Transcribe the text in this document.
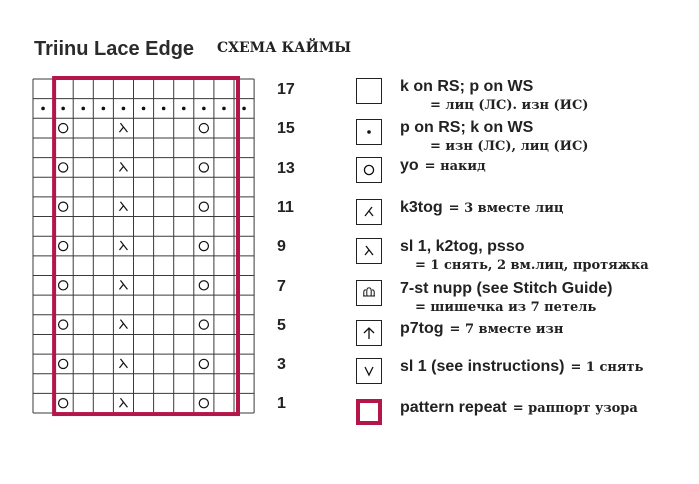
Triinu Lace Edge СХЕМА КАЙМЫ
17
15
13
11
9
7
5
3
1
k on RS; p on WS
= лиц (ЛС). изн (ИС)
p on RS; k on WS
= изн (ЛС), лиц (ИС)
yo = накид
k3tog = 3 вместе лиц
sl 1, k2tog, psso
= 1 снять, 2 вм.лиц, протяжка
7-st nupp (see Stitch Guide)
= шишечка из 7 петель
p7tog = 7 вместе изн
sl 1 (see instructions) = 1 снять
pattern repeat = раппорт узора
